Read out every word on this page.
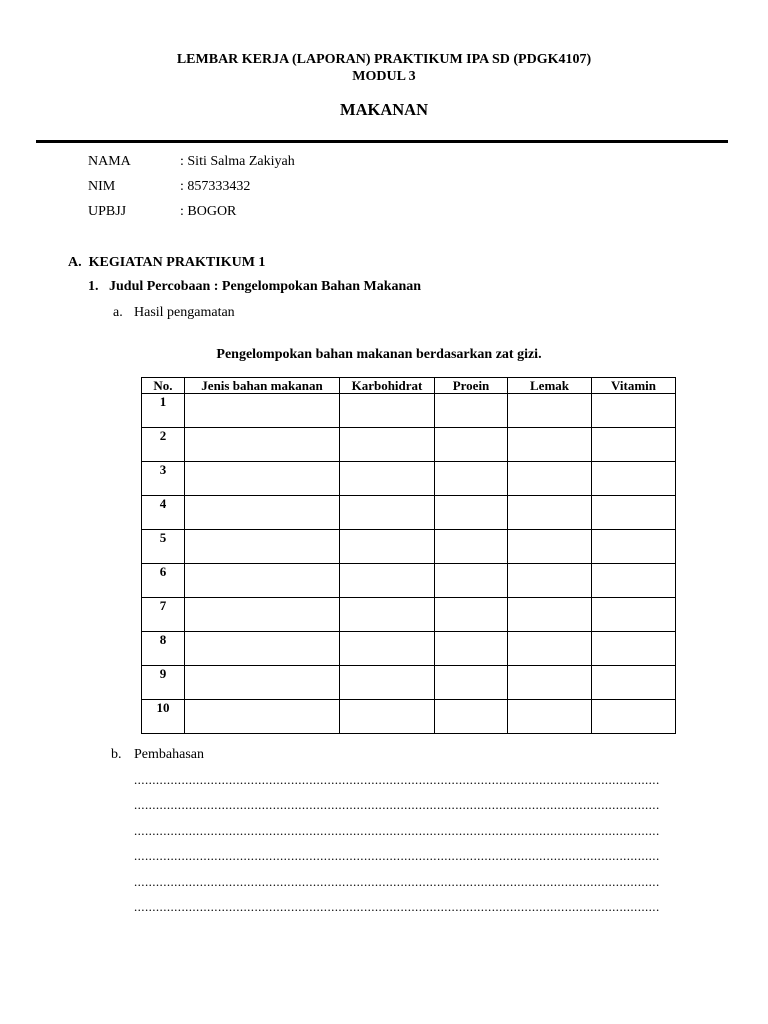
LEMBAR KERJA (LAPORAN) PRAKTIKUM IPA SD (PDGK4107)
MODUL 3
MAKANAN
NAMA	: Siti Salma Zakiyah
NIM	: 857333432
UPBJJ	: BOGOR
A.  KEGIATAN PRAKTIKUM 1
1.   Judul Percobaan : Pengelompokan Bahan Makanan
a. Hasil pengamatan
Pengelompokan bahan makanan berdasarkan zat gizi.
No.	Jenis bahan makanan	Karbohidrat	Proein	Lemak	Vitamin
1					
2					
3					
4					
5					
6					
7					
8					
9					
10					
b. Pembahasan
................................................................................................................................................
................................................................................................................................................
................................................................................................................................................
................................................................................................................................................
................................................................................................................................................
................................................................................................................................................
